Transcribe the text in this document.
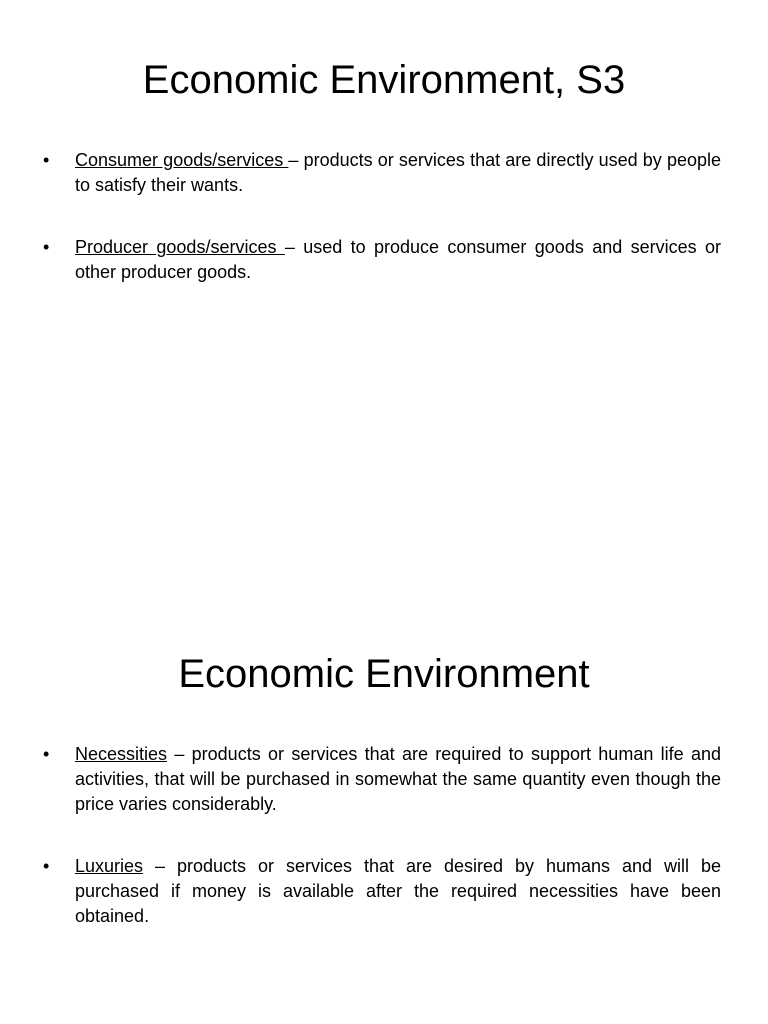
Economic Environment, S3
• Consumer goods/services – products or services that are directly used by people to satisfy their wants.
• Producer goods/services – used to produce consumer goods and services or other producer goods.
Economic Environment
• Necessities – products or services that are required to support human life and activities, that will be purchased in somewhat the same quantity even though the price varies considerably.
• Luxuries – products or services that are desired by humans and will be purchased if money is available after the required necessities have been obtained.
